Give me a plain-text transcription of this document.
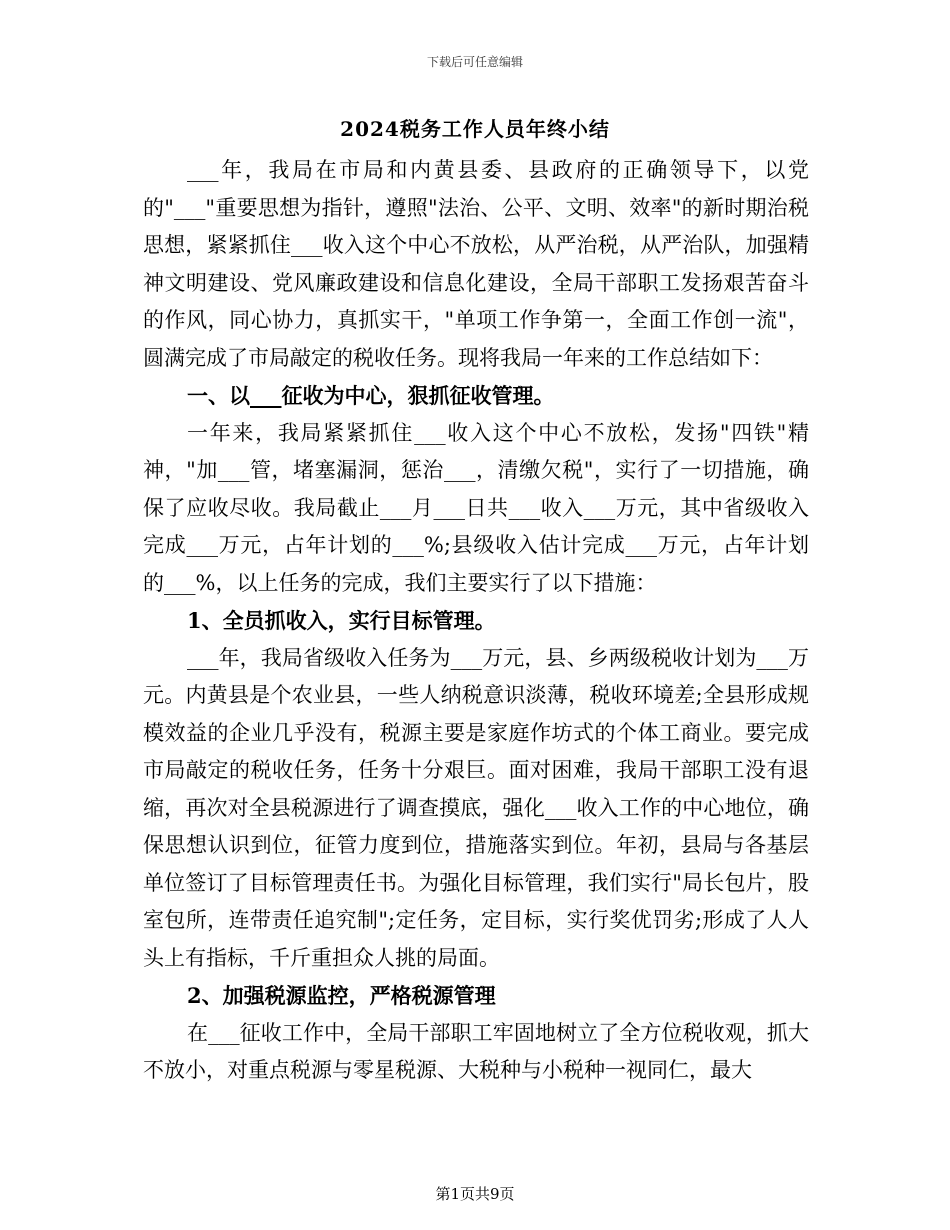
下载后可任意编辑
2024税务工作人员年终小结

___年，我局在市局和内黄县委、县政府的正确领导下，以党的"___"重要思想为指针，遵照"法治、公平、文明、效率"的新时期治税思想，紧紧抓住___收入这个中心不放松，从严治税，从严治队，加强精神文明建设、党风廉政建设和信息化建设，全局干部职工发扬艰苦奋斗的作风，同心协力，真抓实干，"单项工作争第一，全面工作创一流"，圆满完成了市局敲定的税收任务。现将我局一年来的工作总结如下：

一、以___征收为中心，狠抓征收管理。

一年来，我局紧紧抓住___收入这个中心不放松，发扬"四铁"精神，"加___管，堵塞漏洞，惩治___，清缴欠税"，实行了一切措施，确保了应收尽收。我局截止___月___日共___收入___万元，其中省级收入完成___万元，占年计划的___%;县级收入估计完成___万元，占年计划的___%，以上任务的完成，我们主要实行了以下措施：

1、全员抓收入，实行目标管理。

___年，我局省级收入任务为___万元，县、乡两级税收计划为___万元。内黄县是个农业县，一些人纳税意识淡薄，税收环境差;全县形成规模效益的企业几乎没有，税源主要是家庭作坊式的个体工商业。要完成市局敲定的税收任务，任务十分艰巨。面对困难，我局干部职工没有退缩，再次对全县税源进行了调查摸底，强化___收入工作的中心地位，确保思想认识到位，征管力度到位，措施落实到位。年初，县局与各基层单位签订了目标管理责任书。为强化目标管理，我们实行"局长包片，股室包所，连带责任追究制";定任务，定目标，实行奖优罚劣;形成了人人头上有指标，千斤重担众人挑的局面。

2、加强税源监控，严格税源管理

在___征收工作中，全局干部职工牢固地树立了全方位税收观，抓大不放小，对重点税源与零星税源、大税种与小税种一视同仁，最大

第1页共9页
